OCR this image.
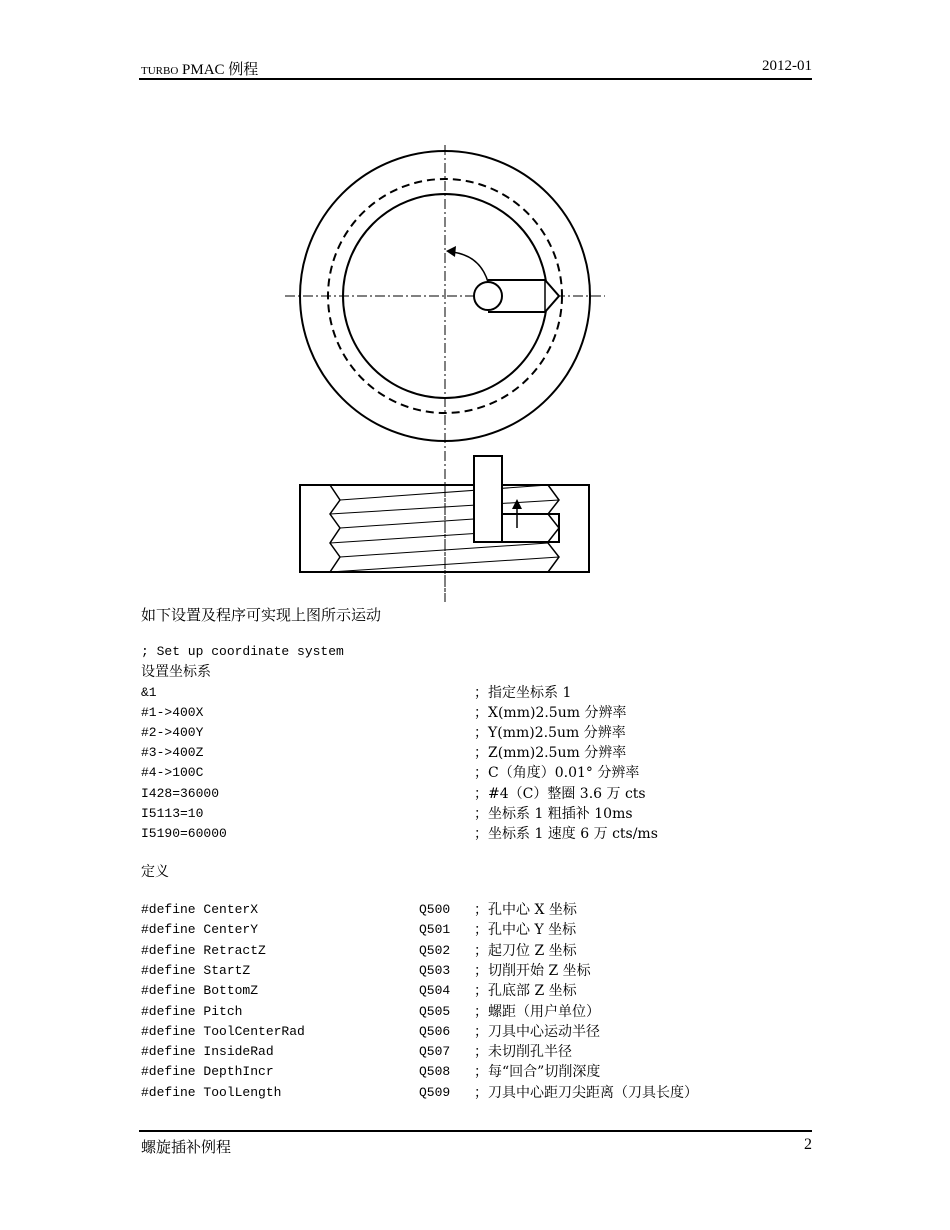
TURBO PMAC 例程	2012-01
如下设置及程序可实现上图所示运动
; Set up coordinate system
设置坐标系
&1	；指定坐标系 1
#1->400X	；X(mm)2.5um 分辨率
#2->400Y	；Y(mm)2.5um 分辨率
#3->400Z	；Z(mm)2.5um 分辨率
#4->100C	；C（角度）0.01° 分辨率
I428=36000	；#4（C）整圈 3.6 万 cts
I5113=10	；坐标系 1 粗插补 10ms
I5190=60000	；坐标系 1 速度 6 万 cts/ms
定义
#define CenterX	Q500 ；孔中心 X 坐标
#define CenterY	Q501 ；孔中心 Y 坐标
#define RetractZ	Q502 ；起刀位 Z 坐标
#define StartZ	Q503 ；切削开始 Z 坐标
#define BottomZ	Q504 ；孔底部 Z 坐标
#define Pitch	Q505 ；螺距（用户单位）
#define ToolCenterRad	Q506 ；刀具中心运动半径
#define InsideRad	Q507 ；未切削孔半径
#define DepthIncr	Q508 ；每“回合”切削深度
#define ToolLength	Q509 ；刀具中心距刀尖距离（刀具长度）
螺旋插补例程	2
